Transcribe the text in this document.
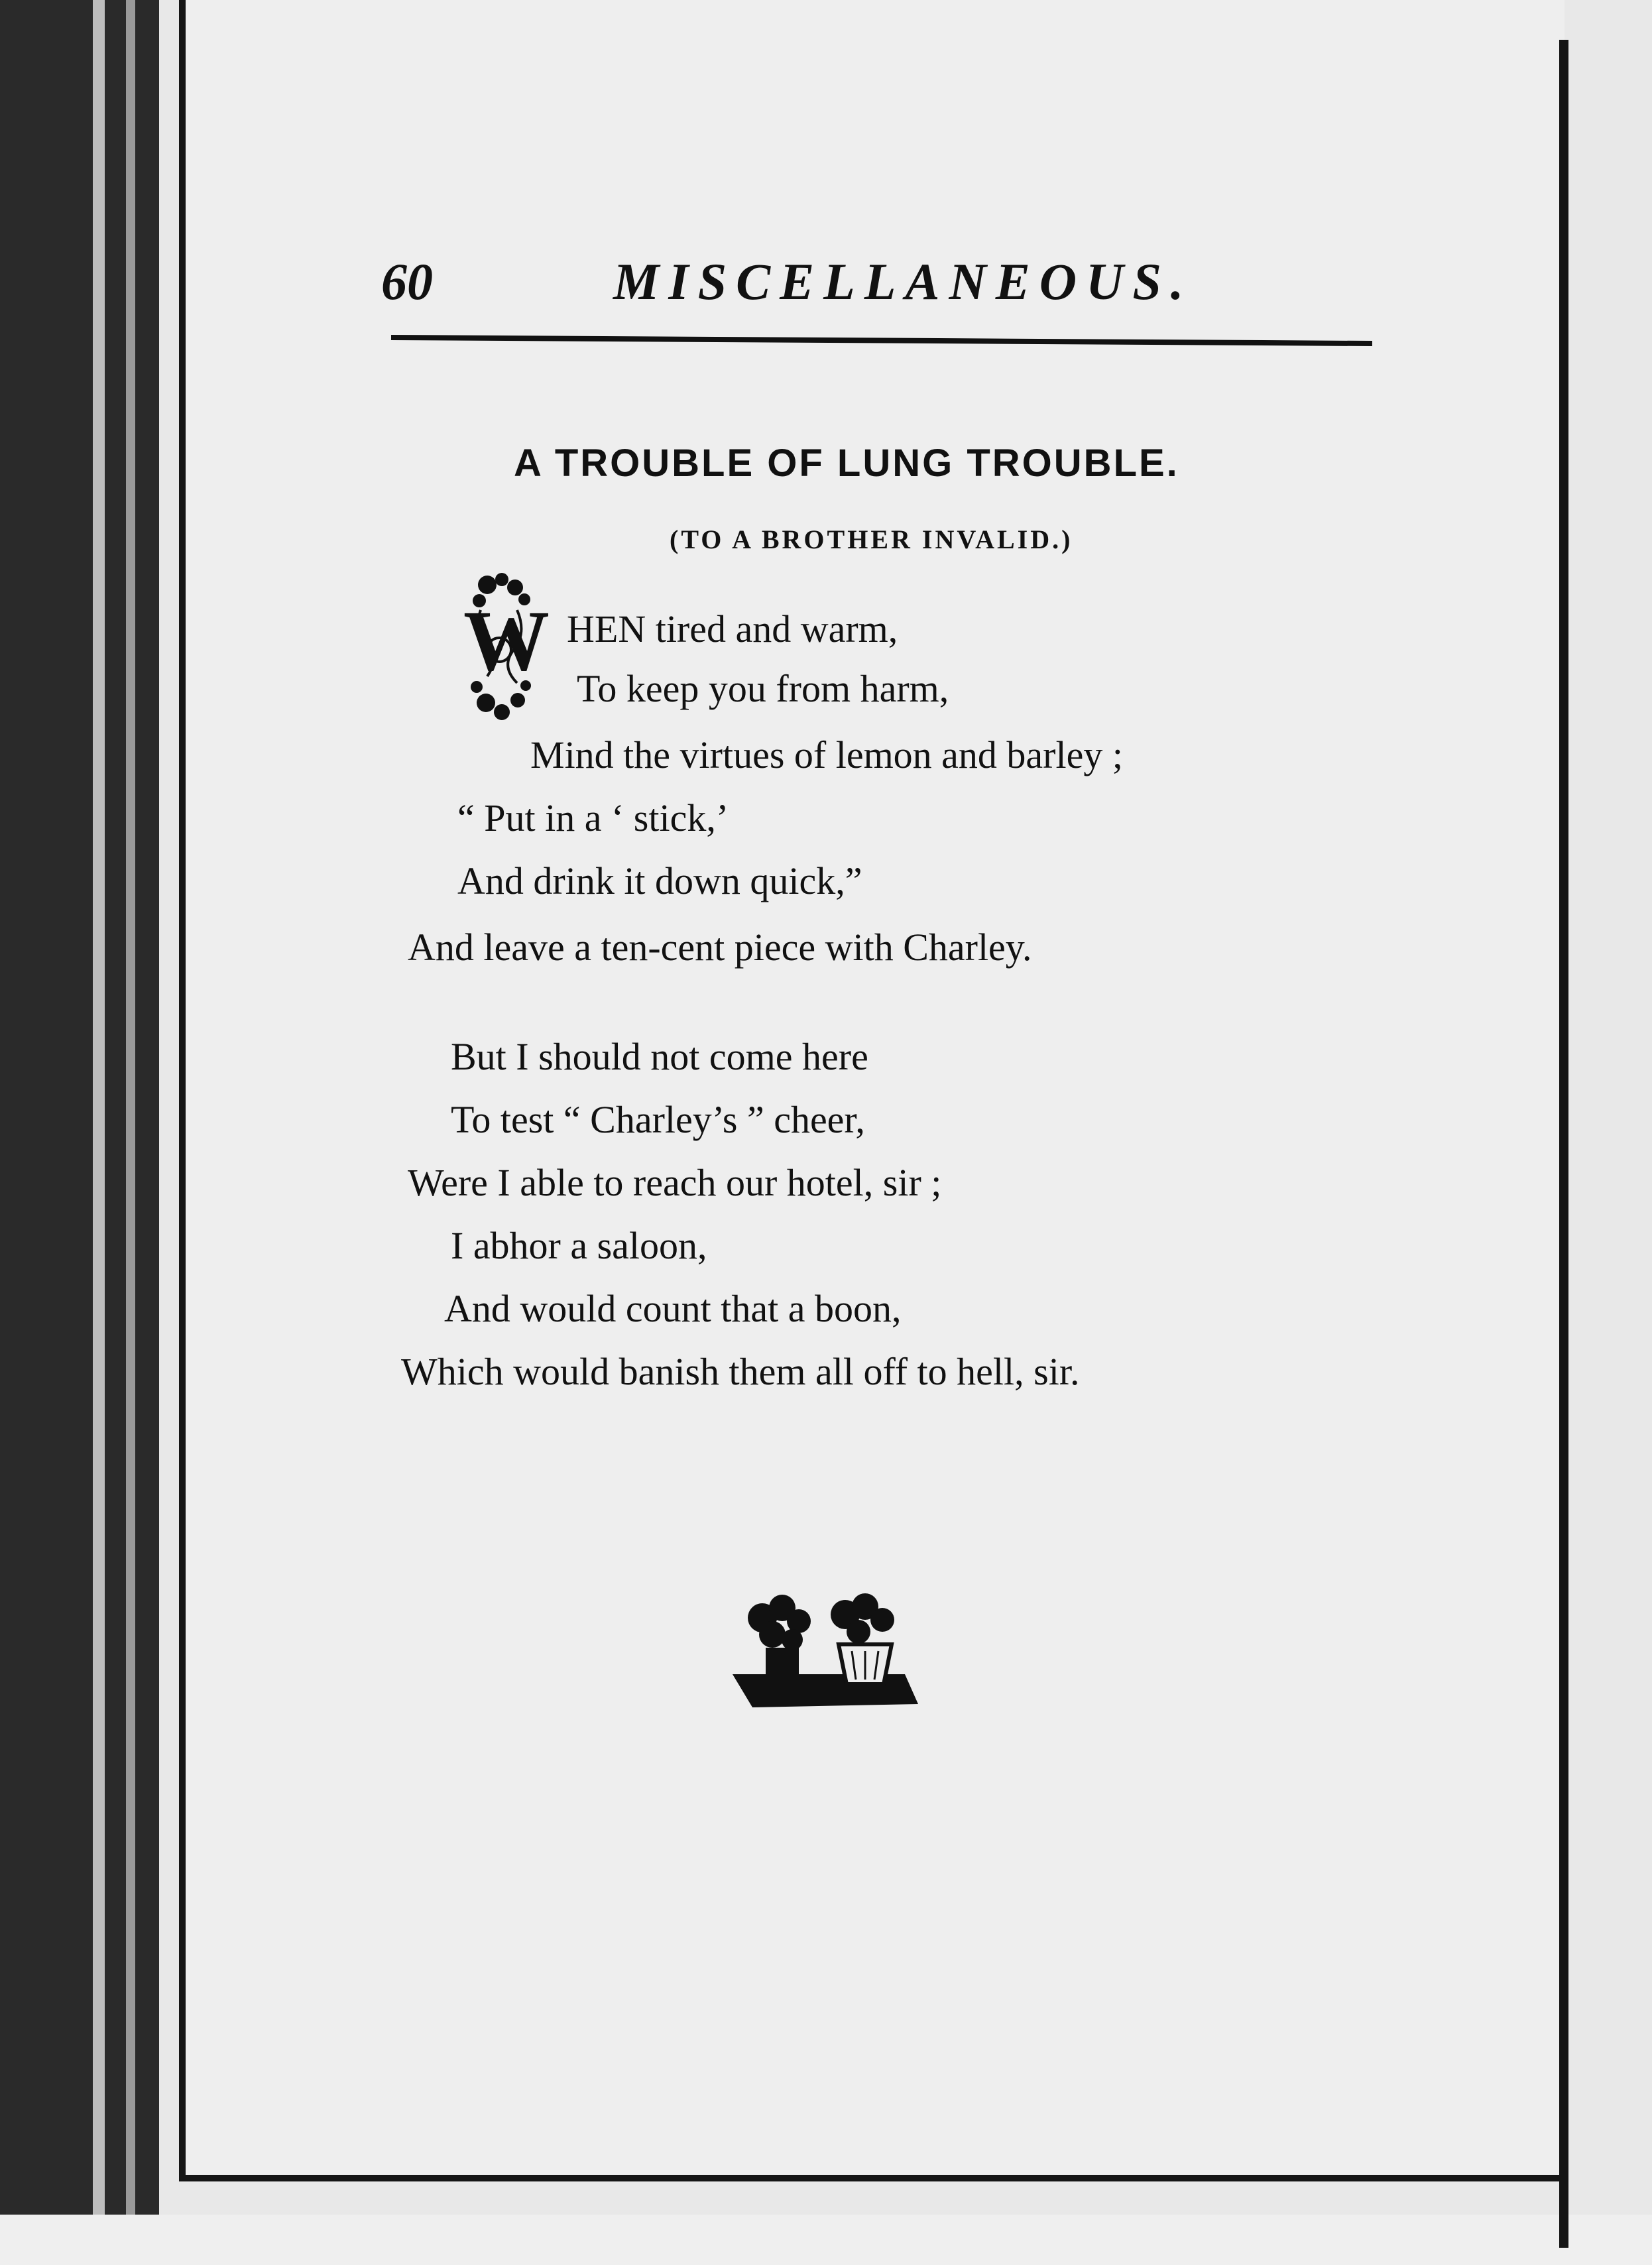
60	MISCELLANEOUS.
A TROUBLE OF LUNG TROUBLE.
(TO A BROTHER INVALID.)
W HEN tired and warm,
To keep you from harm,
Mind the virtues of lemon and barley ;
“ Put in a ‘ stick,’
And drink it down quick,”
And leave a ten-cent piece with Charley.
But I should not come here
To test “ Charley’s ” cheer,
Were I able to reach our hotel, sir ;
I abhor a saloon,
And would count that a boon,
Which would banish them all off to hell, sir.
